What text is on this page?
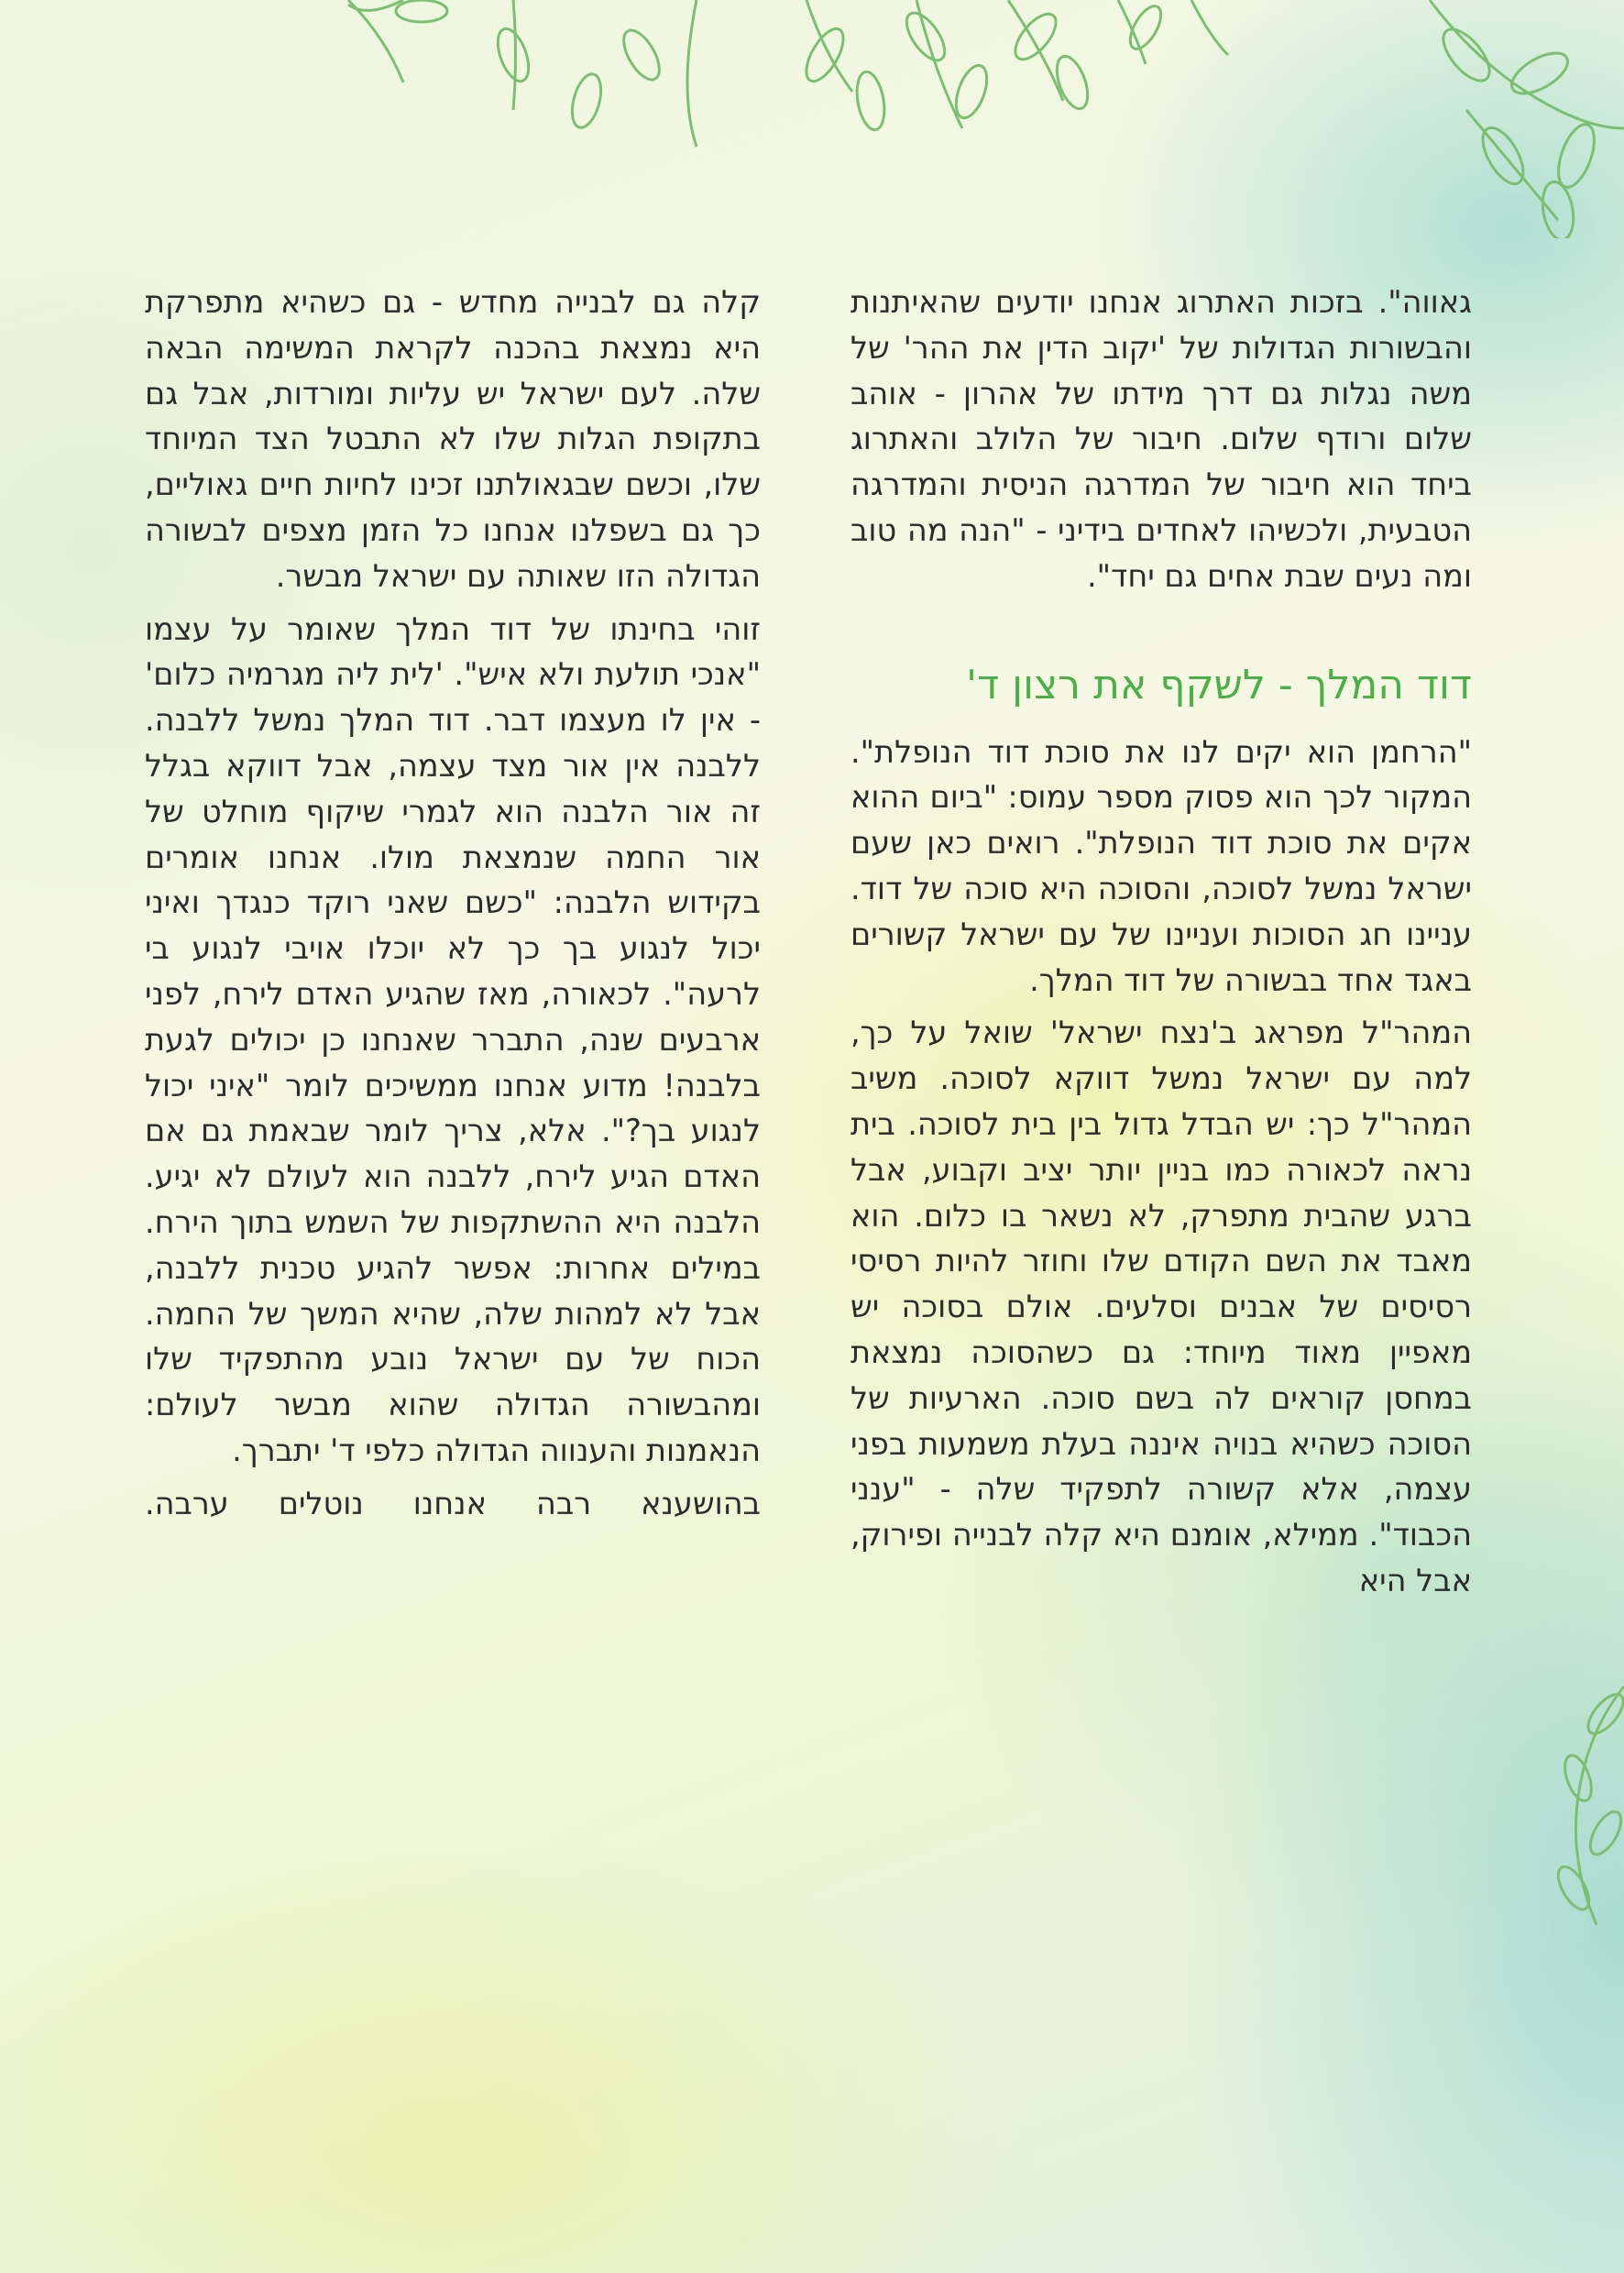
גאווה". בזכות האתרוג אנחנו יודעים שהאיתנות והבשורות הגדולות של 'יקוב הדין את ההר' של משה נגלות גם דרך מידתו של אהרון - אוהב שלום ורודף שלום. חיבור של הלולב והאתרוג ביחד הוא חיבור של המדרגה הניסית והמדרגה הטבעית, ולכשיהו לאחדים בידיני - "הנה מה טוב ומה נעים שבת אחים גם יחד".

דוד המלך - לשקף את רצון ד'

"הרחמן הוא יקים לנו את סוכת דוד הנופלת". המקור לכך הוא פסוק מספר עמוס: "ביום ההוא אקים את סוכת דוד הנופלת". רואים כאן שעם ישראל נמשל לסוכה, והסוכה היא סוכה של דוד. עניינו חג הסוכות ועניינו של עם ישראל קשורים באגד אחד בבשורה של דוד המלך.

המהר"ל מפראג ב'נצח ישראל' שואל על כך, למה עם ישראל נמשל דווקא לסוכה. משיב המהר"ל כך: יש הבדל גדול בין בית לסוכה. בית נראה לכאורה כמו בניין יותר יציב וקבוע, אבל ברגע שהבית מתפרק, לא נשאר בו כלום. הוא מאבד את השם הקודם שלו וחוזר להיות רסיסי רסיסים של אבנים וסלעים. אולם בסוכה יש מאפיין מאוד מיוחד: גם כשהסוכה נמצאת במחסן קוראים לה בשם סוכה. הארעיות של הסוכה כשהיא בנויה איננה בעלת משמעות בפני עצמה, אלא קשורה לתפקיד שלה - "ענני הכבוד". ממילא, אומנם היא קלה לבנייה ופירוק, אבל היא

קלה גם לבנייה מחדש - גם כשהיא מתפרקת היא נמצאת בהכנה לקראת המשימה הבאה שלה. לעם ישראל יש עליות ומורדות, אבל גם בתקופת הגלות שלו לא התבטל הצד המיוחד שלו, וכשם שבגאולתנו זכינו לחיות חיים גאוליים, כך גם בשפלנו אנחנו כל הזמן מצפים לבשורה הגדולה הזו שאותה עם ישראל מבשר.

זוהי בחינתו של דוד המלך שאומר על עצמו "אנכי תולעת ולא איש". 'לית ליה מגרמיה כלום' - אין לו מעצמו דבר. דוד המלך נמשל ללבנה. ללבנה אין אור מצד עצמה, אבל דווקא בגלל זה אור הלבנה הוא לגמרי שיקוף מוחלט של אור החמה שנמצאת מולו. אנחנו אומרים בקידוש הלבנה: "כשם שאני רוקד כנגדך ואיני יכול לנגוע בך כך לא יוכלו אויבי לנגוע בי לרעה". לכאורה, מאז שהגיע האדם לירח, לפני ארבעים שנה, התברר שאנחנו כן יכולים לגעת בלבנה! מדוע אנחנו ממשיכים לומר "איני יכול לנגוע בך?". אלא, צריך לומר שבאמת גם אם האדם הגיע לירח, ללבנה הוא לעולם לא יגיע. הלבנה היא ההשתקפות של השמש בתוך הירח. במילים אחרות: אפשר להגיע טכנית ללבנה, אבל לא למהות שלה, שהיא המשך של החמה. הכוח של עם ישראל נובע מהתפקיד שלו ומהבשורה הגדולה שהוא מבשר לעולם: הנאמנות והענווה הגדולה כלפי ד' יתברך.

בהושענא רבה אנחנו נוטלים ערבה.
